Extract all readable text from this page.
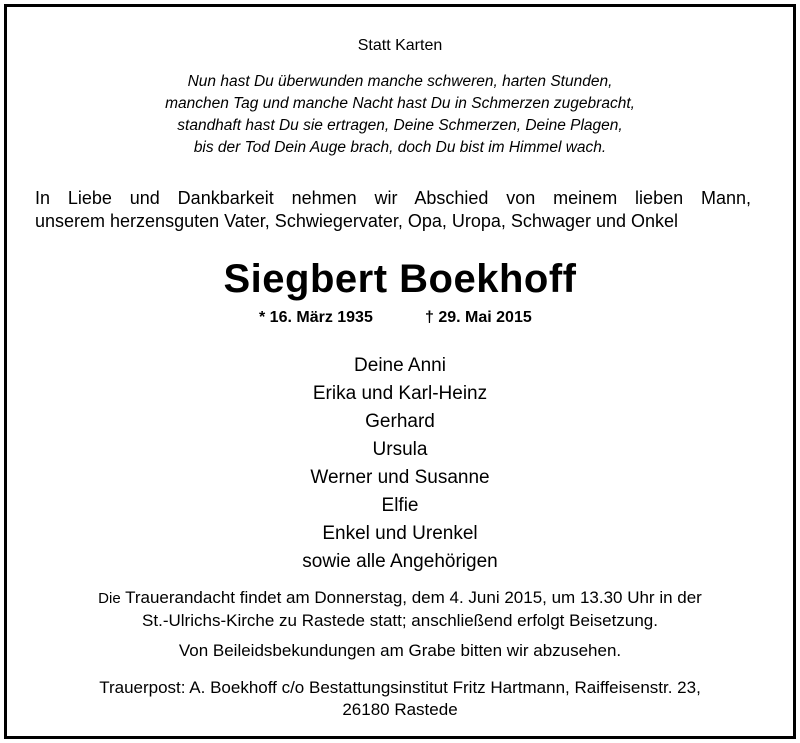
Statt Karten
Nun hast Du überwunden manche schweren, harten Stunden,
manchen Tag und manche Nacht hast Du in Schmerzen zugebracht,
standhaft hast Du sie ertragen, Deine Schmerzen, Deine Plagen,
bis der Tod Dein Auge brach, doch Du bist im Himmel wach.
In Liebe und Dankbarkeit nehmen wir Abschied von meinem lieben Mann,
unserem herzensguten Vater, Schwiegervater, Opa, Uropa, Schwager und Onkel
Siegbert Boekhoff
* 16. März 1935	† 29. Mai 2015
Deine Anni
Erika und Karl-Heinz
Gerhard
Ursula
Werner und Susanne
Elfie
Enkel und Urenkel
sowie alle Angehörigen
Die Trauerandacht findet am Donnerstag, dem 4. Juni 2015, um 13.30 Uhr in der
St.-Ulrichs-Kirche zu Rastede statt; anschließend erfolgt Beisetzung.
Von Beileidsbekundungen am Grabe bitten wir abzusehen.
Trauerpost: A. Boekhoff c/o Bestattungsinstitut Fritz Hartmann, Raiffeisenstr. 23,
26180 Rastede
